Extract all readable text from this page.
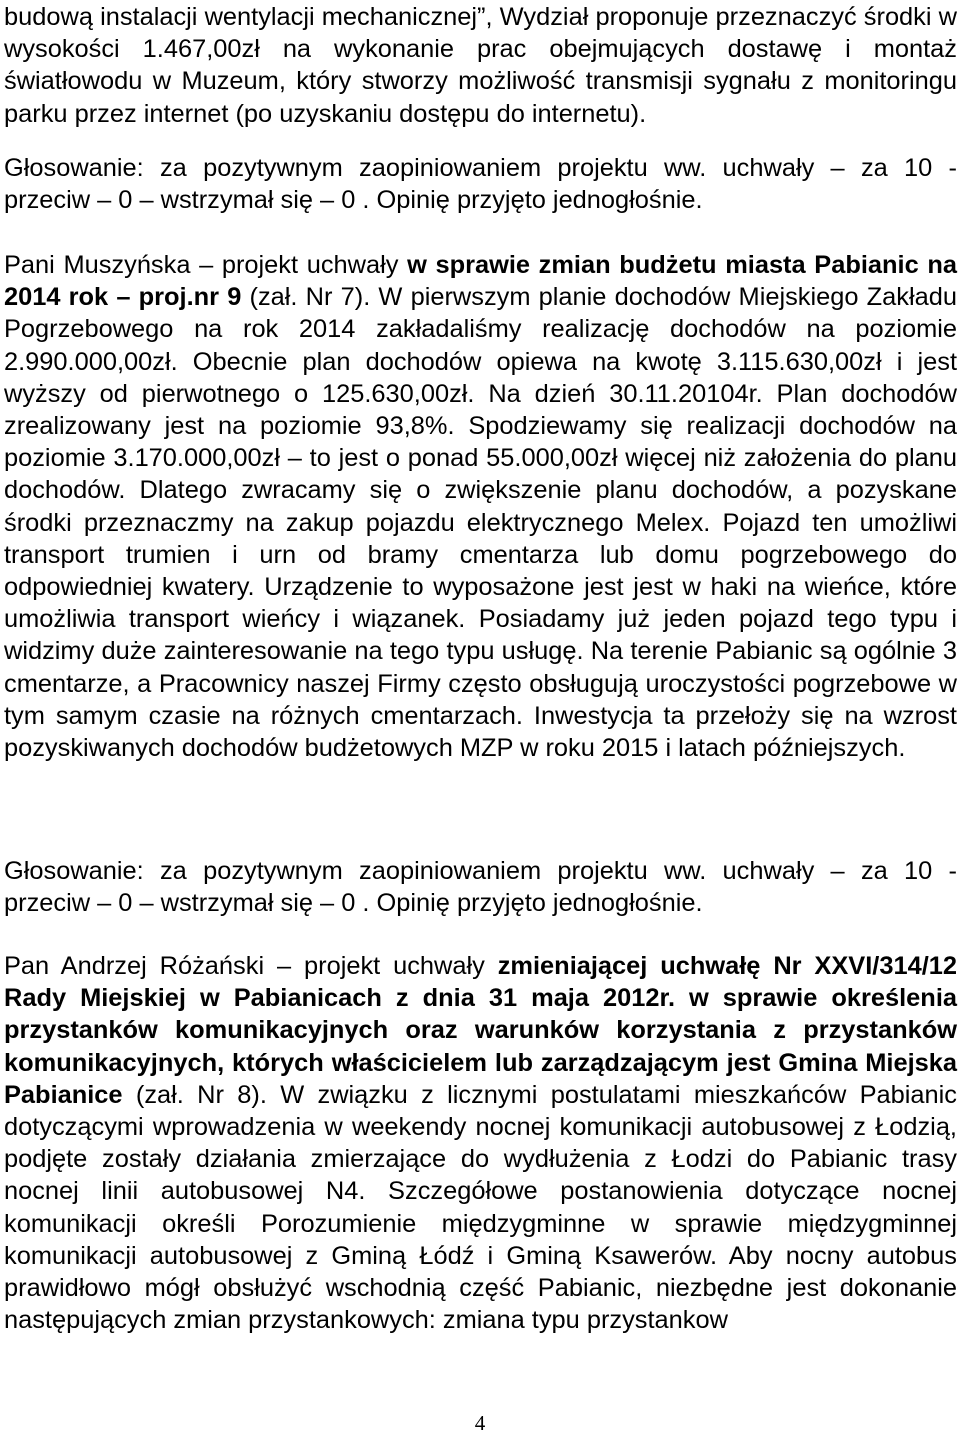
budową instalacji wentylacji mechanicznej”, Wydział proponuje przeznaczyć środki w wysokości 1.467,00zł na wykonanie prac obejmujących dostawę i montaż światłowodu w Muzeum, który stworzy możliwość transmisji sygnału z monitoringu parku przez internet (po uzyskaniu dostępu do internetu).

Głosowanie: za pozytywnym zaopiniowaniem projektu ww. uchwały – za 10 - przeciw – 0 – wstrzymał się – 0 . Opinię przyjęto jednogłośnie.

Pani Muszyńska – projekt uchwały w sprawie zmian budżetu miasta Pabianic na 2014 rok – proj.nr 9 (zał. Nr 7). W pierwszym planie dochodów Miejskiego Zakładu Pogrzebowego na rok 2014 zakładaliśmy realizację dochodów na poziomie 2.990.000,00zł. Obecnie plan dochodów opiewa na kwotę 3.115.630,00zł i jest wyższy od pierwotnego o 125.630,00zł. Na dzień 30.11.20104r. Plan dochodów zrealizowany jest na poziomie 93,8%. Spodziewamy się realizacji dochodów na poziomie 3.170.000,00zł – to jest o ponad 55.000,00zł więcej niż założenia do planu dochodów. Dlatego zwracamy się o zwiększenie planu dochodów, a pozyskane środki przeznaczmy na zakup pojazdu elektrycznego Melex. Pojazd ten umożliwi transport trumien i urn od bramy cmentarza lub domu pogrzebowego do odpowiedniej kwatery. Urządzenie to wyposażone jest jest w haki na wieńce, które umożliwia transport wieńcy i wiązanek. Posiadamy już jeden pojazd tego typu i widzimy duże zainteresowanie na tego typu usługę. Na terenie Pabianic są ogólnie 3 cmentarze, a Pracownicy naszej Firmy często obsługują uroczystości pogrzebowe w tym samym czasie na różnych cmentarzach. Inwestycja ta przełoży się na wzrost pozyskiwanych dochodów budżetowych MZP w roku 2015 i latach późniejszych.

Głosowanie: za pozytywnym zaopiniowaniem projektu ww. uchwały – za 10 - przeciw – 0 – wstrzymał się – 0 . Opinię przyjęto jednogłośnie.

Pan Andrzej Różański – projekt uchwały zmieniającej uchwałę Nr XXVI/314/12 Rady Miejskiej w Pabianicach z dnia 31 maja 2012r. w sprawie określenia przystanków komunikacyjnych oraz warunków korzystania z przystanków komunikacyjnych, których właścicielem lub zarządzającym jest Gmina Miejska Pabianice (zał. Nr 8). W związku z licznymi postulatami mieszkańców Pabianic dotyczącymi wprowadzenia w weekendy nocnej komunikacji autobusowej z Łodzią, podjęte zostały działania zmierzające do wydłużenia z Łodzi do Pabianic trasy nocnej linii autobusowej N4. Szczegółowe postanowienia dotyczące nocnej komunikacji określi Porozumienie międzygminne w sprawie międzygminnej komunikacji autobusowej z Gminą Łódź i Gminą Ksawerów. Aby nocny autobus prawidłowo mógł obsłużyć wschodnią część Pabianic, niezbędne jest dokonanie następujących zmian przystankowych: zmiana typu przystankow

4
